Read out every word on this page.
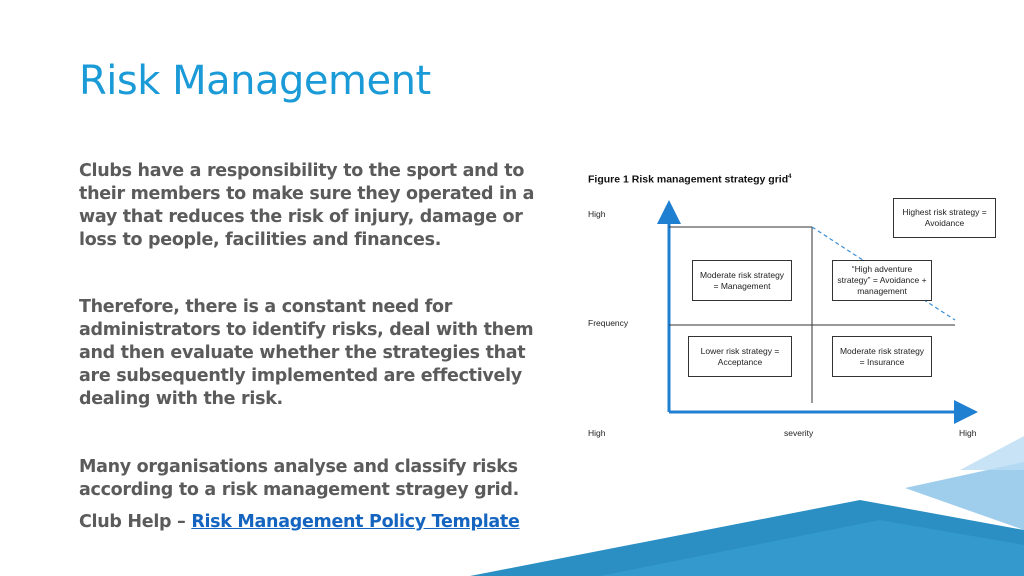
Risk Management
Clubs have a responsibility to the sport and to their members to make sure they operated in a way that reduces the risk of injury, damage or loss to people, facilities and finances.
Therefore, there is a constant need for administrators to identify risks, deal with them and then evaluate whether the strategies that are subsequently implemented are effectively dealing with the risk.
Many organisations analyse and classify risks according to a risk management stragey grid.
Club Help – Risk Management Policy Template
Figure 1 Risk management strategy grid$^4$
High
Frequency
High	severity	High
Highest risk strategy = Avoidance
Moderate risk strategy = Management
“High adventure strategy” = Avoidance + management
Lower risk strategy = Acceptance
Moderate risk strategy = Insurance
